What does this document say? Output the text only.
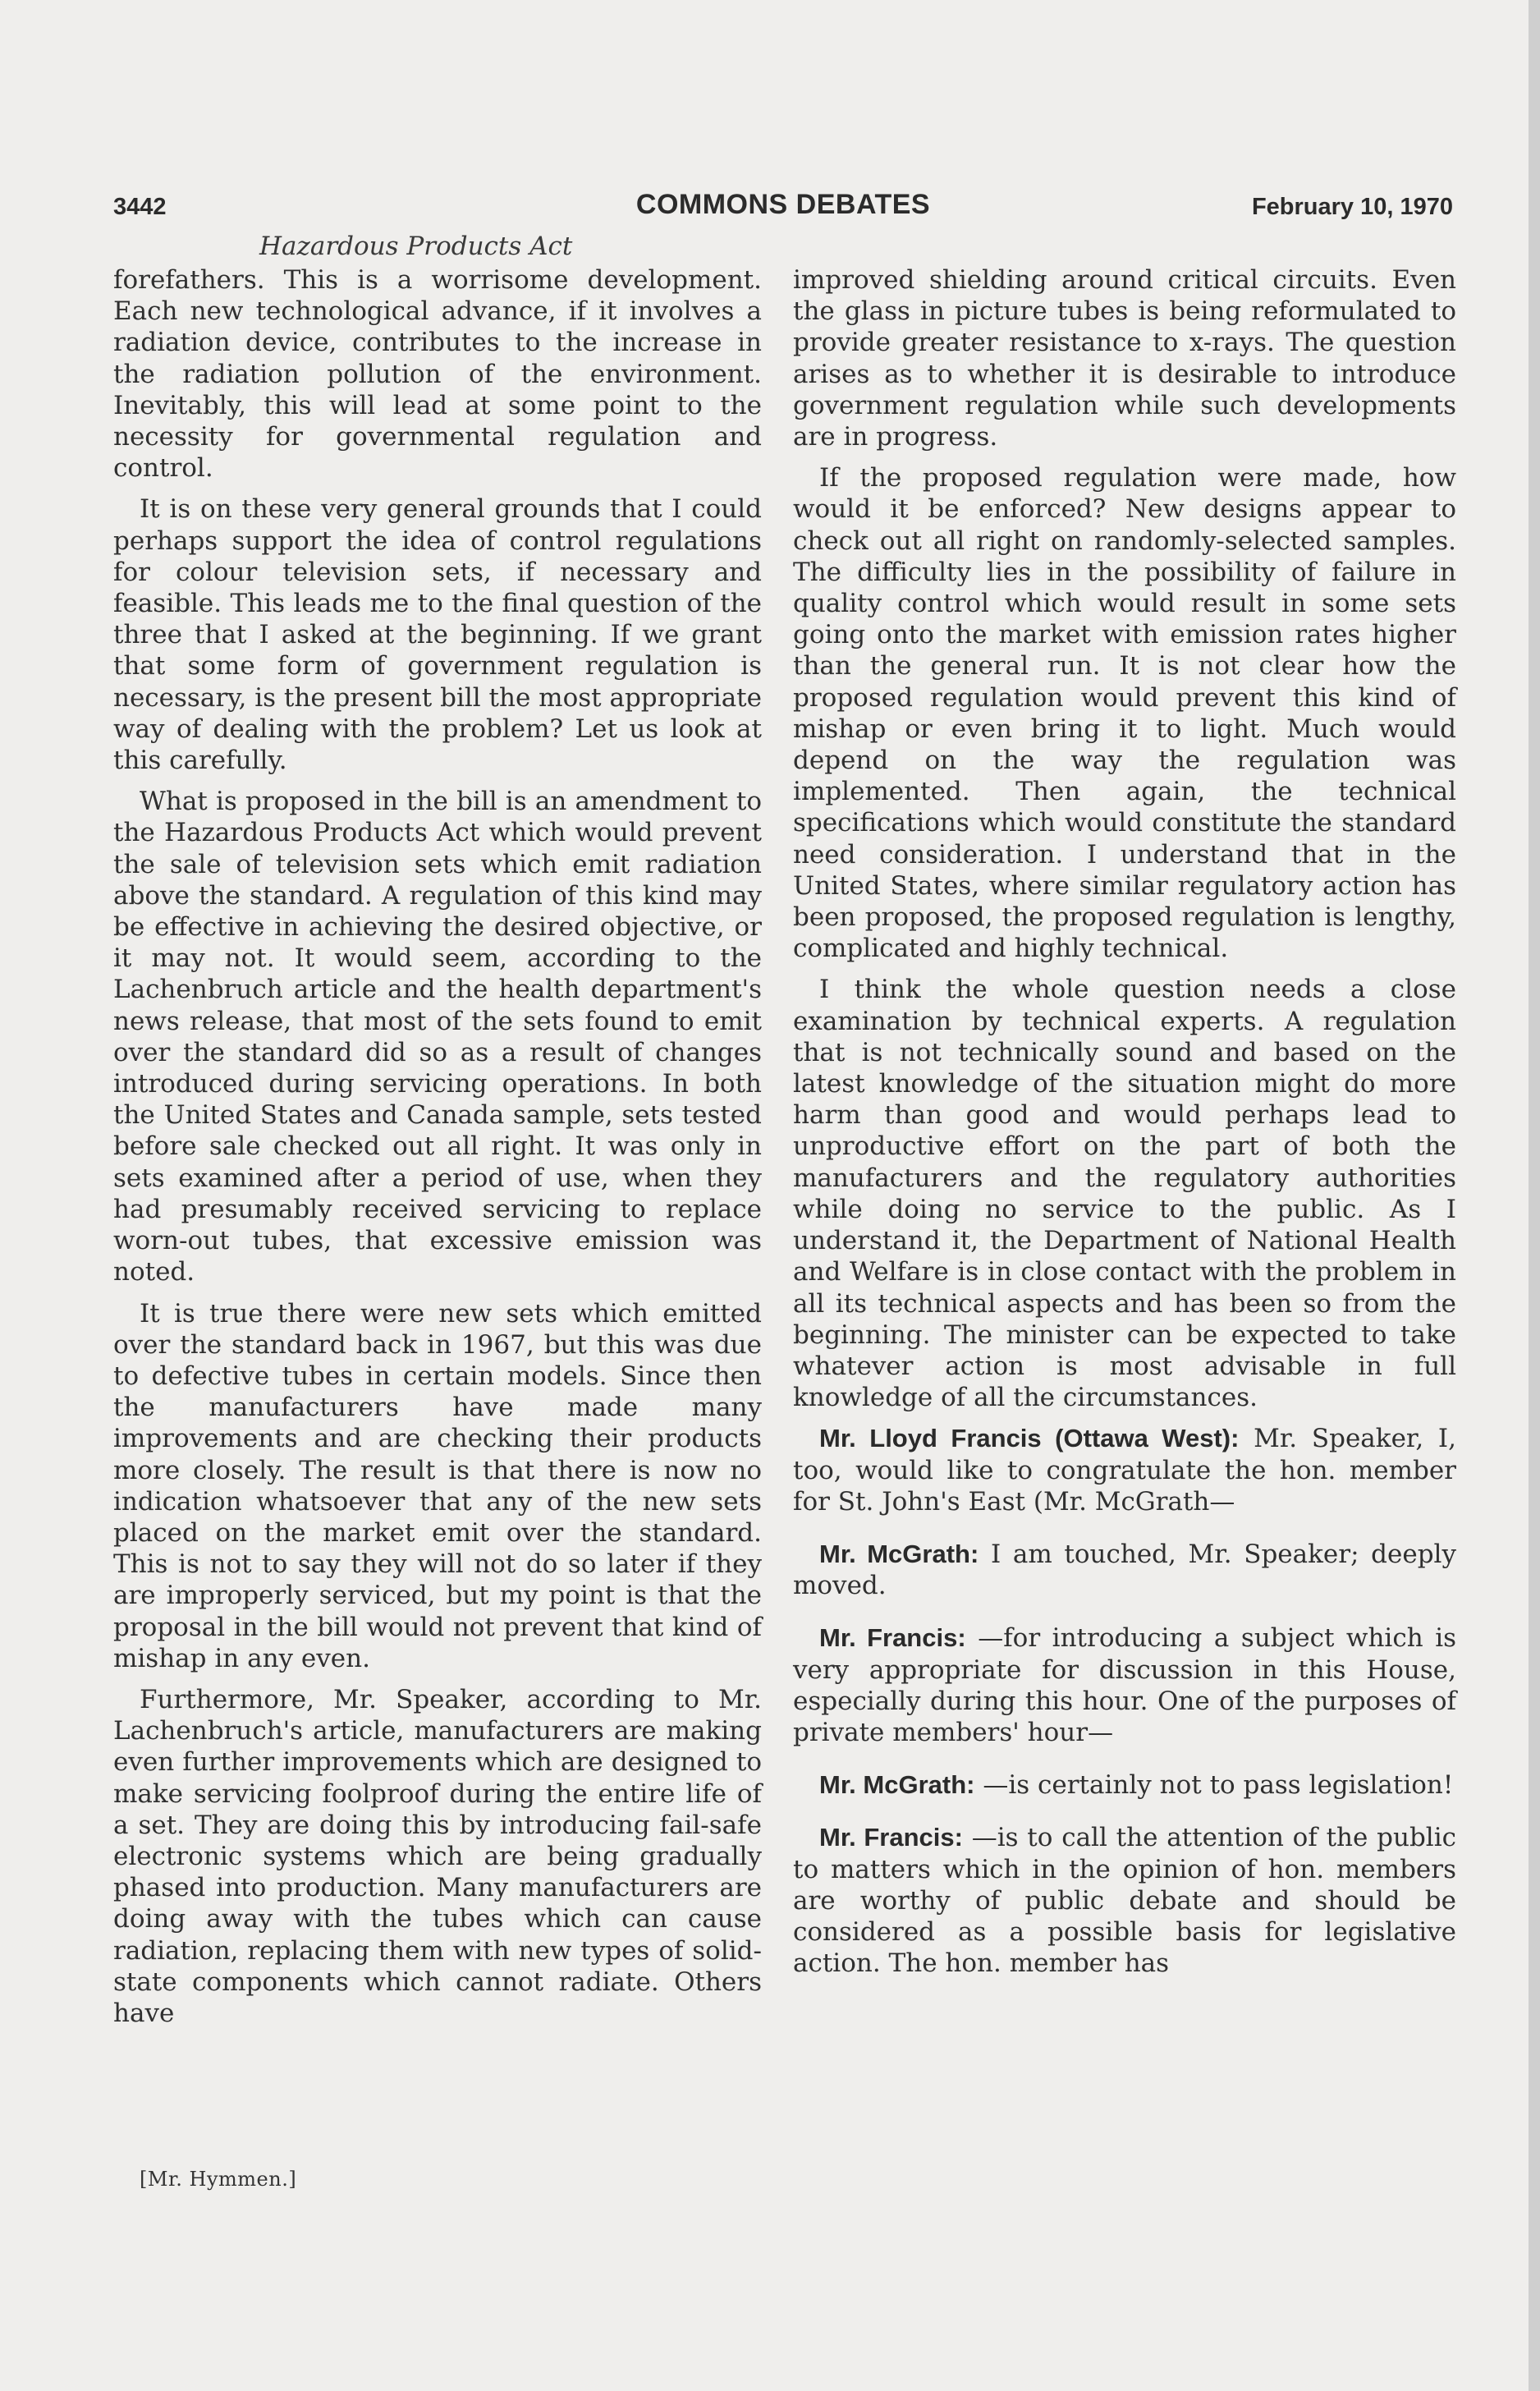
3442	COMMONS DEBATES	February 10, 1970
Hazardous Products Act

forefathers. This is a worrisome development. Each new technological advance, if it involves a radiation device, contributes to the increase in the radiation pollution of the environment. Inevitably, this will lead at some point to the necessity for governmental regulation and control.

It is on these very general grounds that I could perhaps support the idea of control regulations for colour television sets, if necessary and feasible. This leads me to the final question of the three that I asked at the beginning. If we grant that some form of government regulation is necessary, is the present bill the most appropriate way of dealing with the problem? Let us look at this carefully.

What is proposed in the bill is an amendment to the Hazardous Products Act which would prevent the sale of television sets which emit radiation above the standard. A regulation of this kind may be effective in achieving the desired objective, or it may not. It would seem, according to the Lachenbruch article and the health department's news release, that most of the sets found to emit over the standard did so as a result of changes introduced during servicing operations. In both the United States and Canada sample, sets tested before sale checked out all right. It was only in sets examined after a period of use, when they had presumably received servicing to replace worn-out tubes, that excessive emission was noted.

It is true there were new sets which emitted over the standard back in 1967, but this was due to defective tubes in certain models. Since then the manufacturers have made many improvements and are checking their products more closely. The result is that there is now no indication whatsoever that any of the new sets placed on the market emit over the standard. This is not to say they will not do so later if they are improperly serviced, but my point is that the proposal in the bill would not prevent that kind of mishap in any even.

Furthermore, Mr. Speaker, according to Mr. Lachenbruch's article, manufacturers are making even further improvements which are designed to make servicing foolproof during the entire life of a set. They are doing this by introducing fail-safe electronic systems which are being gradually phased into production. Many manufacturers are doing away with the tubes which can cause radiation, replacing them with new types of solid-state components which cannot radiate. Others have

improved shielding around critical circuits. Even the glass in picture tubes is being reformulated to provide greater resistance to x-rays. The question arises as to whether it is desirable to introduce government regulation while such developments are in progress.

If the proposed regulation were made, how would it be enforced? New designs appear to check out all right on randomly-selected samples. The difficulty lies in the possibility of failure in quality control which would result in some sets going onto the market with emission rates higher than the general run. It is not clear how the proposed regulation would prevent this kind of mishap or even bring it to light. Much would depend on the way the regulation was implemented. Then again, the technical specifications which would constitute the standard need consideration. I understand that in the United States, where similar regulatory action has been proposed, the proposed regulation is lengthy, complicated and highly technical.

I think the whole question needs a close examination by technical experts. A regulation that is not technically sound and based on the latest knowledge of the situation might do more harm than good and would perhaps lead to unproductive effort on the part of both the manufacturers and the regulatory authorities while doing no service to the public. As I understand it, the Department of National Health and Welfare is in close contact with the problem in all its technical aspects and has been so from the beginning. The minister can be expected to take whatever action is most advisable in full knowledge of all the circumstances.

Mr. Lloyd Francis (Ottawa West): Mr. Speaker, I, too, would like to congratulate the hon. member for St. John's East (Mr. McGrath—

Mr. McGrath: I am touched, Mr. Speaker; deeply moved.

Mr. Francis: —for introducing a subject which is very appropriate for discussion in this House, especially during this hour. One of the purposes of private members' hour—

Mr. McGrath: —is certainly not to pass legislation!

Mr. Francis: —is to call the attention of the public to matters which in the opinion of hon. members are worthy of public debate and should be considered as a possible basis for legislative action. The hon. member has

[Mr. Hymmen.]
